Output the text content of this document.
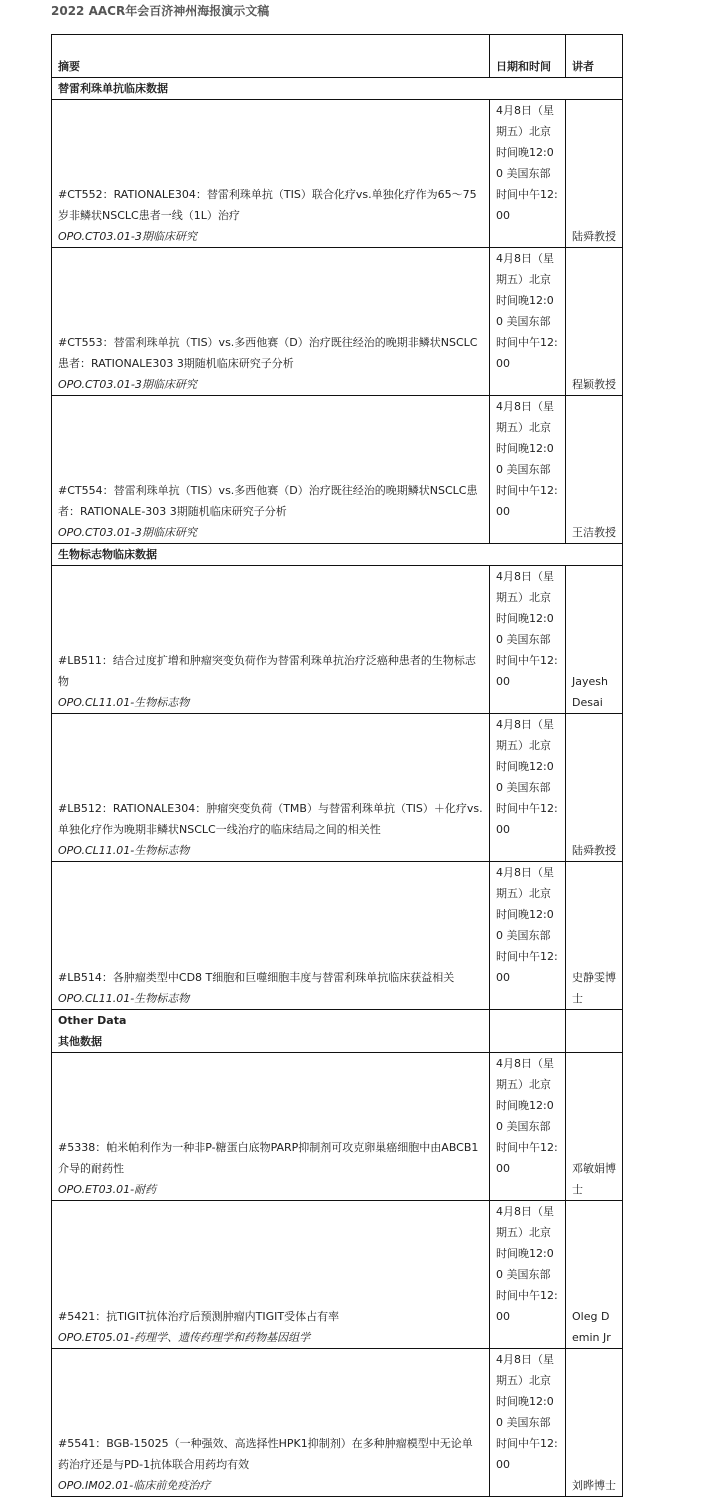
2022 AACR年会百济神州海报演示文稿
摘要	日期和时间	讲者
替雷利珠单抗临床数据		

#CT552：RATIONALE304：替雷利珠单抗（TIS）联合化疗vs.单独化疗作为65～75岁非鳞状NSCLC患者一线（1L）治疗
OPO.CT03.01-3期临床研究	4月8日（星期五）北京时间晚12:00 美国东部时间中午12:00	陆舜教授

#CT553：替雷利珠单抗（TIS）vs.多西他赛（D）治疗既往经治的晚期非鳞状NSCLC患者：RATIONALE303 3期随机临床研究子分析
OPO.CT03.01-3期临床研究	4月8日（星期五）北京时间晚12:00 美国东部时间中午12:00	程颖教授

#CT554：替雷利珠单抗（TIS）vs.多西他赛（D）治疗既往经治的晚期鳞状NSCLC患者：RATIONALE-303 3期随机临床研究子分析
OPO.CT03.01-3期临床研究	4月8日（星期五）北京时间晚12:00 美国东部时间中午12:00	王洁教授
生物标志物临床数据		

#LB511：结合过度扩增和肿瘤突变负荷作为替雷利珠单抗治疗泛癌种患者的生物标志物
OPO.CL11.01-生物标志物	4月8日（星期五）北京时间晚12:00 美国东部时间中午12:00	Jayesh Desai

#LB512：RATIONALE304：肿瘤突变负荷（TMB）与替雷利珠单抗（TIS）＋化疗vs.单独化疗作为晚期非鳞状NSCLC一线治疗的临床结局之间的相关性
OPO.CL11.01-生物标志物	4月8日（星期五）北京时间晚12:00 美国东部时间中午12:00	陆舜教授

#LB514：各肿瘤类型中CD8 T细胞和巨噬细胞丰度与替雷利珠单抗临床获益相关
OPO.CL11.01-生物标志物	4月8日（星期五）北京时间晚12:00 美国东部时间中午12:00	史静雯博士

Other Data
其他数据		

#5338：帕米帕利作为一种非P-糖蛋白底物PARP抑制剂可攻克卵巢癌细胞中由ABCB1介导的耐药性
OPO.ET03.01-耐药	4月8日（星期五）北京时间晚12:00 美国东部时间中午12:00	邓敏娟博士

#5421：抗TIGIT抗体治疗后预测肿瘤内TIGIT受体占有率
OPO.ET05.01-药理学、遗传药理学和药物基因组学	4月8日（星期五）北京时间晚12:00 美国东部时间中午12:00	Oleg Demin Jr

#5541：BGB-15025（一种强效、高选择性HPK1抑制剂）在多种肿瘤模型中无论单药治疗还是与PD-1抗体联合用药均有效
OPO.IM02.01-临床前免疫治疗	4月8日（星期五）北京时间晚12:00 美国东部时间中午12:00	刘晔博士
